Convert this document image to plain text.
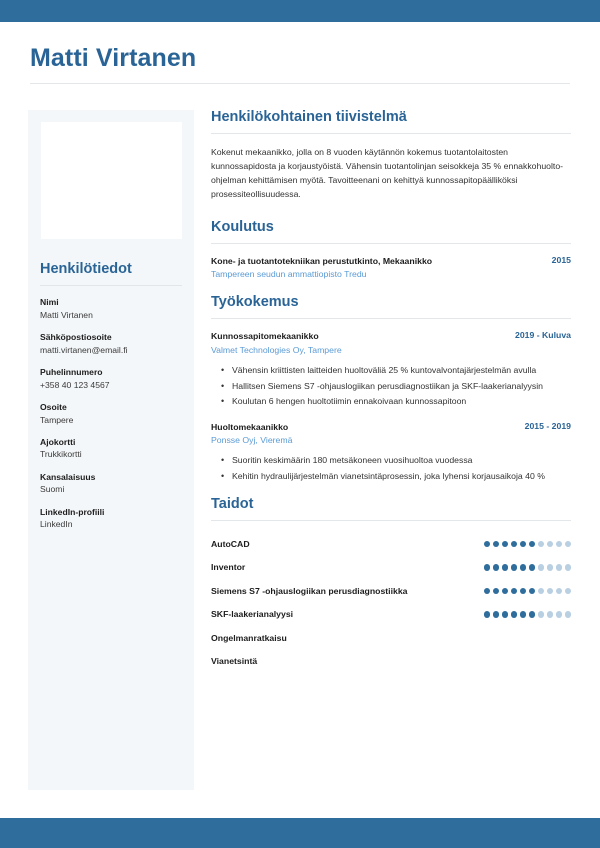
Matti Virtanen
Henkilötiedot
Nimi
Matti Virtanen
Sähköpostiosoite
matti.virtanen@email.fi
Puhelinnumero
+358 40 123 4567
Osoite
Tampere
Ajokortti
Trukkikortti
Kansalaisuus
Suomi
LinkedIn-profiili
LinkedIn
Henkilökohtainen tiivistelmä

Kokenut mekaanikko, jolla on 8 vuoden käytännön kokemus tuotantolaitosten kunnossapidosta ja korjaustyöistä. Vähensin tuotantolinjan seisokkeja 35 % ennakkohuolto-ohjelman kehittämisen myötä. Tavoitteenani on kehittyä kunnossapitopäälliköksi prosessiteollisuudessa.

Koulutus
Kone- ja tuotantotekniikan perustutkinto, Mekaanikko	2015
Tampereen seudun ammattiopisto Tredu
Työkokemus
Kunnossapitomekaanikko	2019 - Kuluva
Valmet Technologies Oy, Tampere
• Vähensin kriittisten laitteiden huoltoväliä 25 % kuntovalvontajärjestelmän avulla
• Hallitsen Siemens S7 -ohjauslogiikan perusdiagnostiikan ja SKF-laakerianalyysin
• Koulutan 6 hengen huoltotiimin ennakoivaan kunnossapitoon
Huoltomekaanikko	2015 - 2019
Ponsse Oyj, Vieremä
• Suoritin keskimäärin 180 metsäkoneen vuosihuoltoa vuodessa
• Kehitin hydraulijärjestelmän vianetsintäprosessin, joka lyhensi korjausaikoja 40 %
Taidot
AutoCAD
Inventor
Siemens S7 -ohjauslogiikan perusdiagnostiikka
SKF-laakerianalyysi
Ongelmanratkaisu
Vianetsintä
